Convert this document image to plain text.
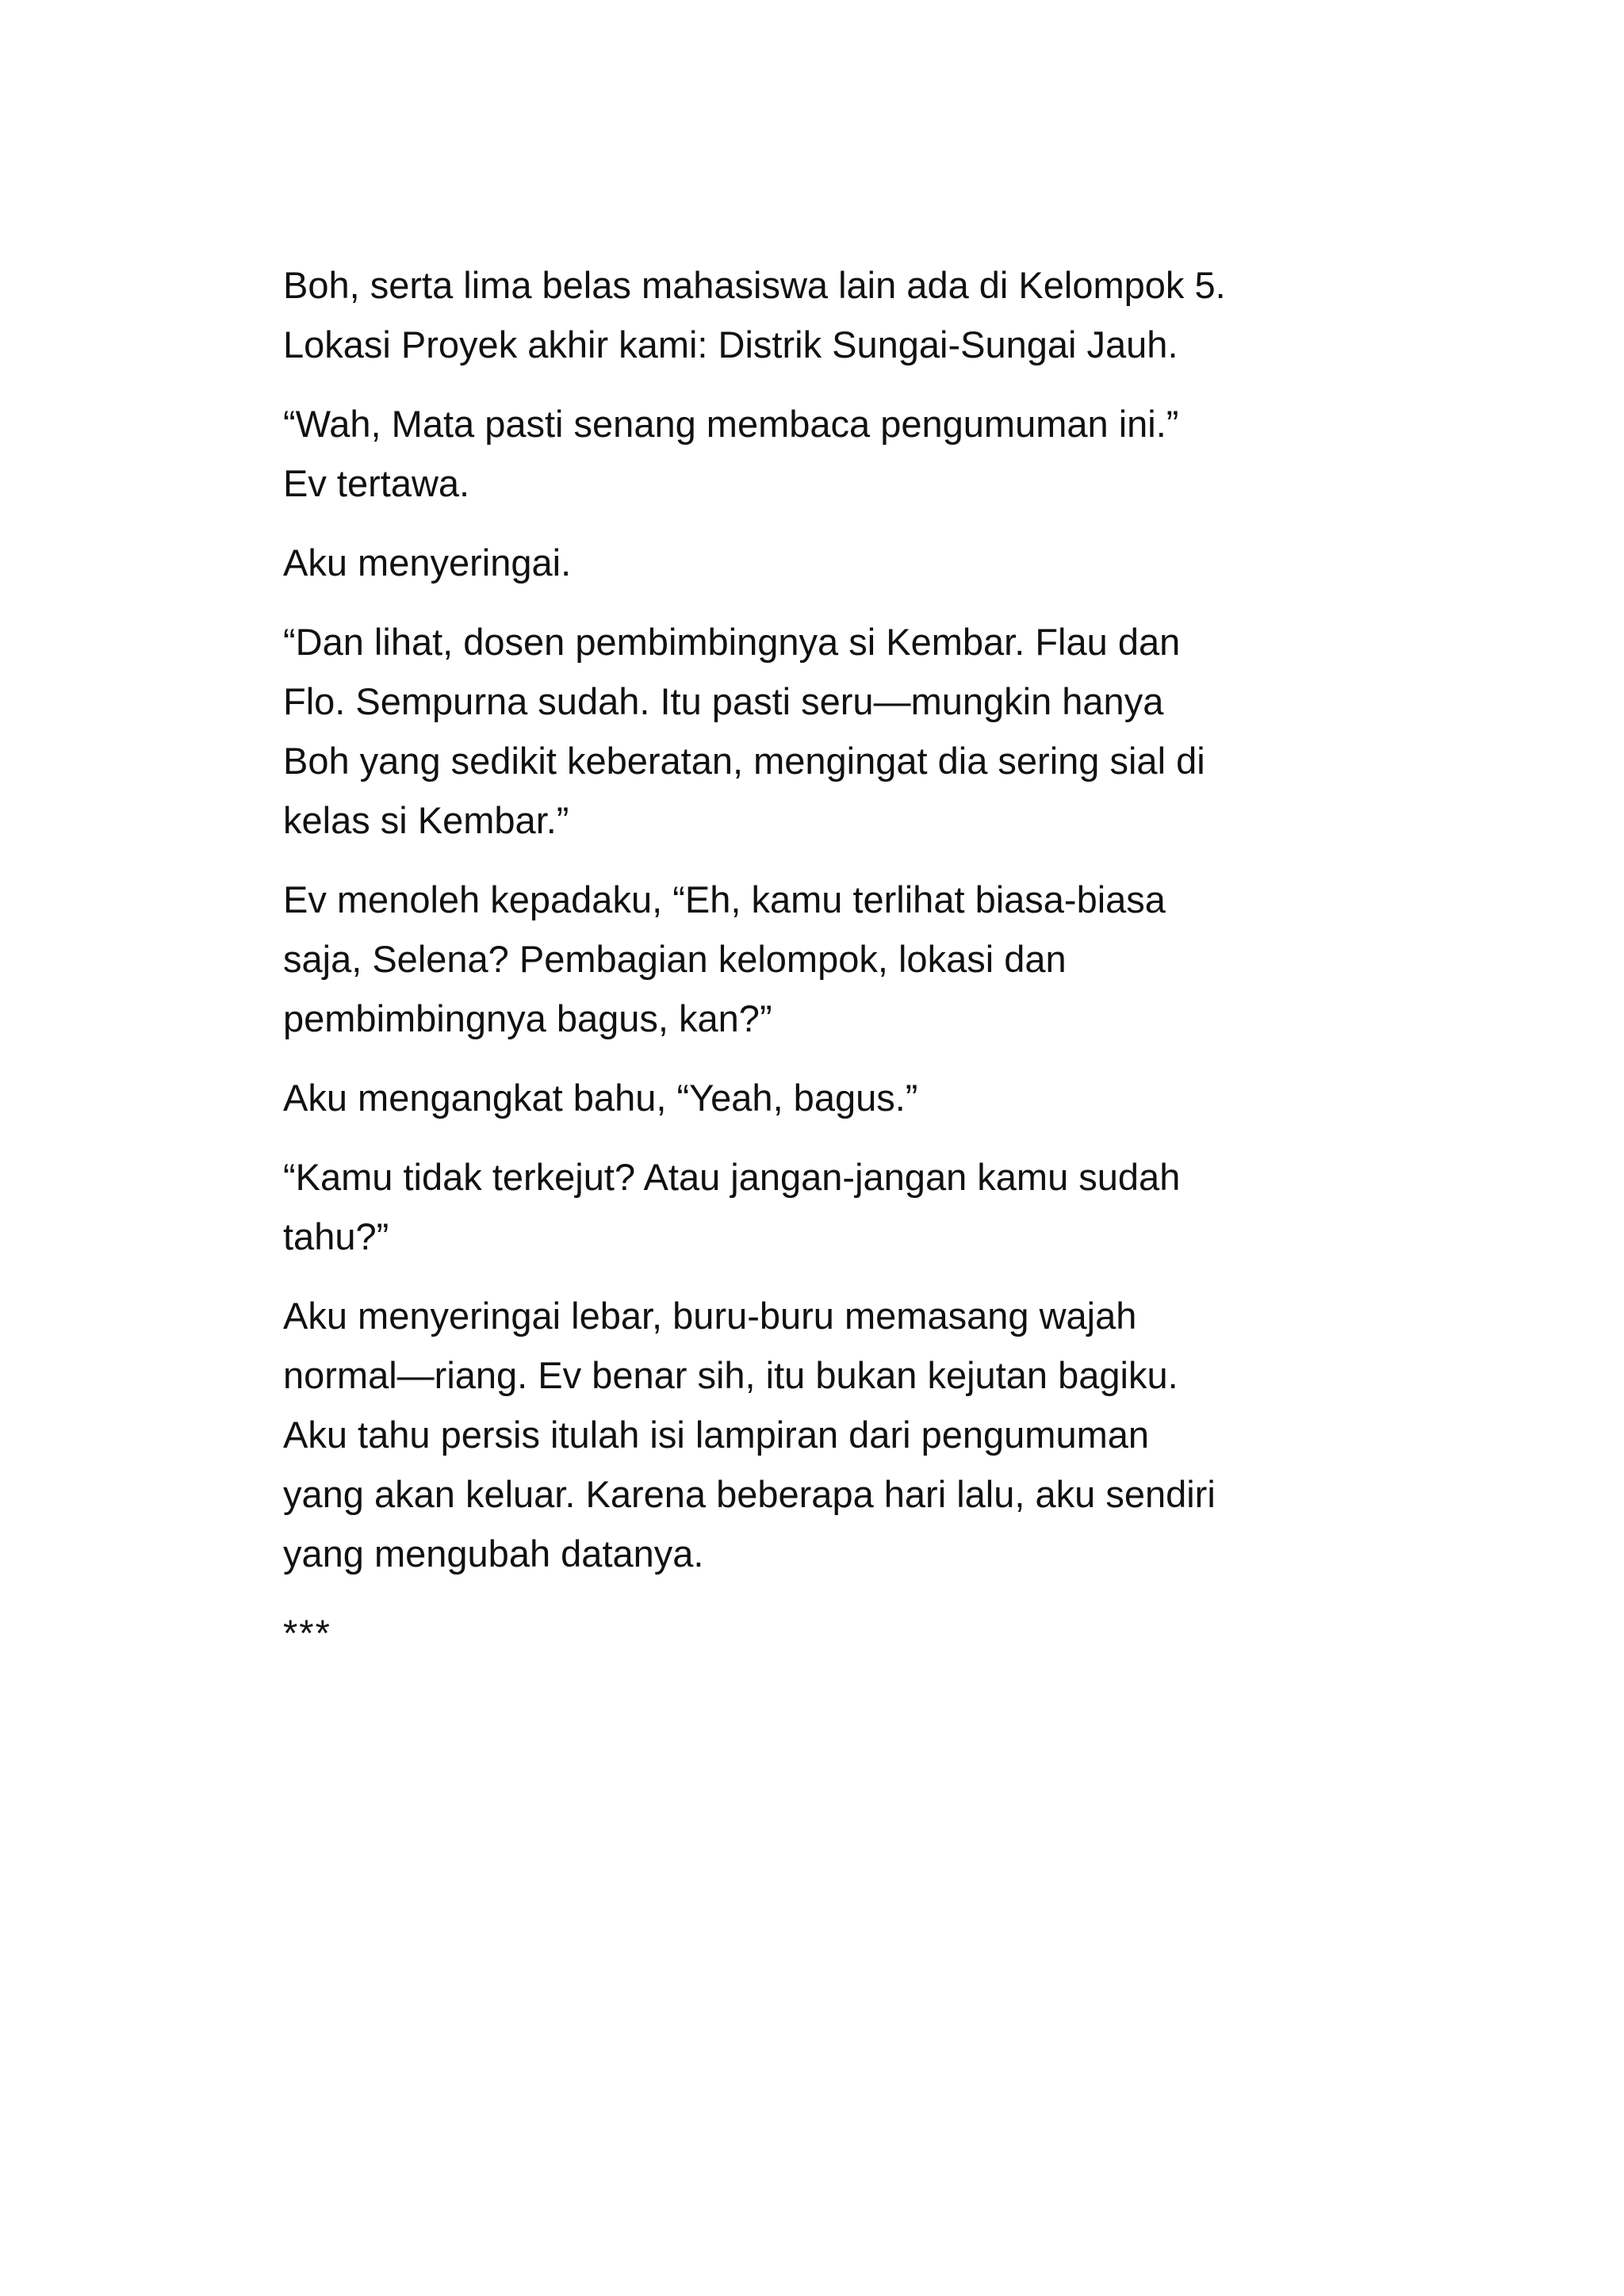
Boh, serta lima belas mahasiswa lain ada di Kelompok 5.
Lokasi Proyek akhir kami: Distrik Sungai-Sungai Jauh.

“Wah, Mata pasti senang membaca pengumuman ini.”
Ev tertawa.

Aku menyeringai.

“Dan lihat, dosen pembimbingnya si Kembar. Flau dan
Flo. Sempurna sudah. Itu pasti seru—mungkin hanya
Boh yang sedikit keberatan, mengingat dia sering sial di
kelas si Kembar.”

Ev menoleh kepadaku, “Eh, kamu terlihat biasa-biasa
saja, Selena? Pembagian kelompok, lokasi dan
pembimbingnya bagus, kan?”

Aku mengangkat bahu, “Yeah, bagus.”

“Kamu tidak terkejut? Atau jangan-jangan kamu sudah
tahu?”

Aku menyeringai lebar, buru-buru memasang wajah
normal—riang. Ev benar sih, itu bukan kejutan bagiku.
Aku tahu persis itulah isi lampiran dari pengumuman
yang akan keluar. Karena beberapa hari lalu, aku sendiri
yang mengubah datanya.

***
